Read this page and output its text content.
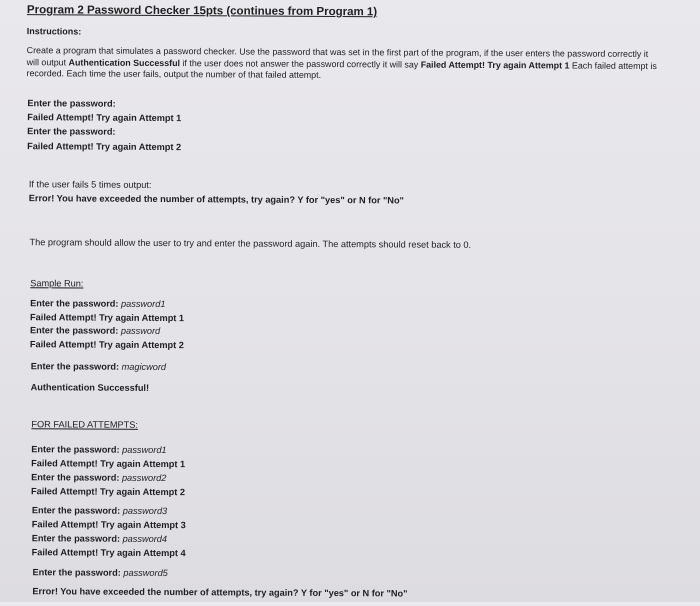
Program 2 Password Checker 15pts (continues from Program 1)
Instructions:
Create a program that simulates a password checker. Use the password that was set in the first part of the program, if the user enters the password correctly it
will output Authentication Successful if the user does not answer the password correctly it will say Failed Attempt! Try again Attempt 1 Each failed attempt is
recorded. Each time the user fails, output the number of that failed attempt.
Enter the password:
Failed Attempt! Try again Attempt 1
Enter the password:
Failed Attempt! Try again Attempt 2
If the user fails 5 times output:
Error! You have exceeded the number of attempts, try again? Y for "yes" or N for "No"
The program should allow the user to try and enter the password again. The attempts should reset back to 0.
Sample Run:
Enter the password: password1
Failed Attempt! Try again Attempt 1
Enter the password: password
Failed Attempt! Try again Attempt 2
Enter the password: magicword
Authentication Successful!
FOR FAILED ATTEMPTS:
Enter the password: password1
Failed Attempt! Try again Attempt 1
Enter the password: password2
Failed Attempt! Try again Attempt 2
Enter the password: password3
Failed Attempt! Try again Attempt 3
Enter the password: password4
Failed Attempt! Try again Attempt 4
Enter the password: password5
Error! You have exceeded the number of attempts, try again? Y for "yes" or N for "No"
